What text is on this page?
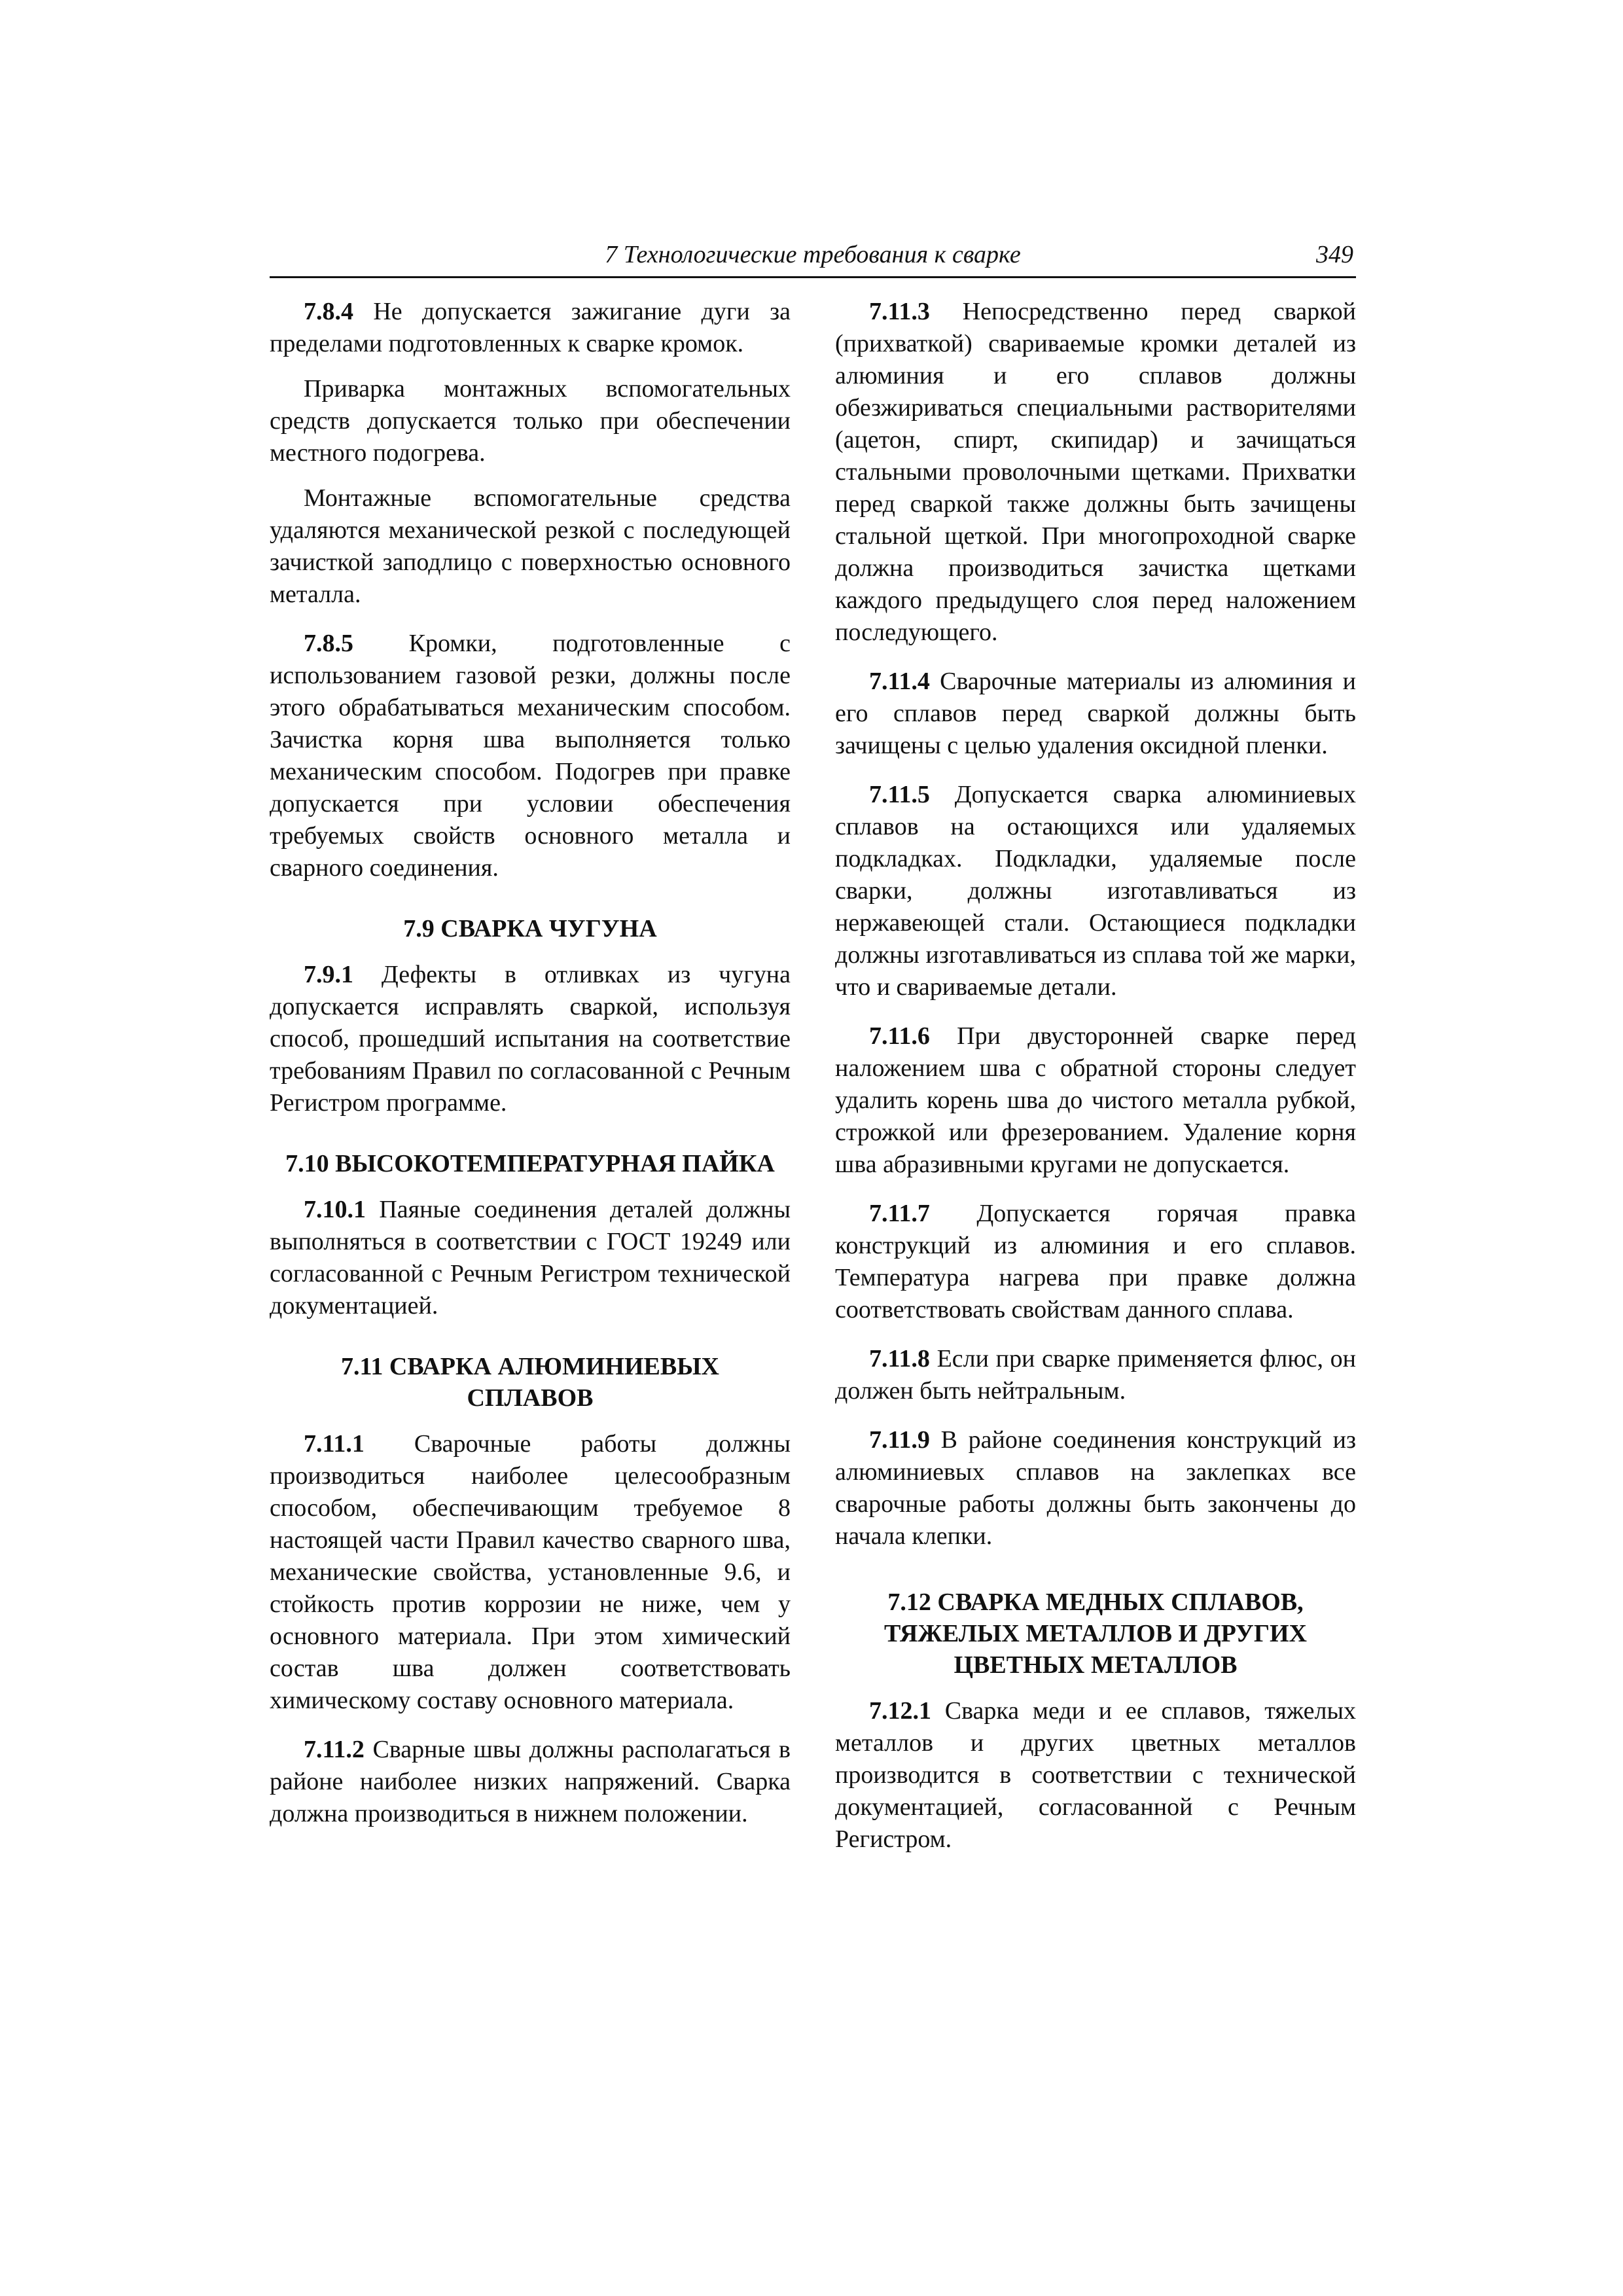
7 Технологические требования к сварке	349

7.8.4 Не допускается зажигание дуги за пределами подготовленных к сварке кромок.

Приварка монтажных вспомогательных средств допускается только при обеспечении местного подогрева.

Монтажные вспомогательные средства удаляются механической резкой с последующей зачисткой заподлицо с поверхностью основного металла.

7.8.5 Кромки, подготовленные с использованием газовой резки, должны после этого обрабатываться механическим способом. Зачистка корня шва выполняется только механическим способом. Подогрев при правке допускается при условии обеспечения требуемых свойств основного металла и сварного соединения.

7.9 СВАРКА ЧУГУНА

7.9.1 Дефекты в отливках из чугуна допускается исправлять сваркой, используя способ, прошедший испытания на соответствие требованиям Правил по согласованной с Речным Регистром программе.

7.10 ВЫСОКОТЕМПЕРАТУРНАЯ ПАЙКА

7.10.1 Паяные соединения деталей должны выполняться в соответствии с ГОСТ 19249 или согласованной с Речным Регистром технической документацией.

7.11 СВАРКА АЛЮМИНИЕВЫХ СПЛАВОВ

7.11.1 Сварочные работы должны производиться наиболее целесообразным способом, обеспечивающим требуемое 8 настоящей части Правил качество сварного шва, механические свойства, установленные 9.6, и стойкость против коррозии не ниже, чем у основного материала. При этом химический состав шва должен соответствовать химическому составу основного материала.

7.11.2 Сварные швы должны располагаться в районе наиболее низких напряжений. Сварка должна производиться в нижнем положении.

7.11.3 Непосредственно перед сваркой (прихваткой) свариваемые кромки деталей из алюминия и его сплавов должны обезжириваться специальными растворителями (ацетон, спирт, скипидар) и зачищаться стальными проволочными щетками. Прихватки перед сваркой также должны быть зачищены стальной щеткой. При многопроходной сварке должна производиться зачистка щетками каждого предыдущего слоя перед наложением последующего.

7.11.4 Сварочные материалы из алюминия и его сплавов перед сваркой должны быть зачищены с целью удаления оксидной пленки.

7.11.5 Допускается сварка алюминиевых сплавов на остающихся или удаляемых подкладках. Подкладки, удаляемые после сварки, должны изготавливаться из нержавеющей стали. Остающиеся подкладки должны изготавливаться из сплава той же марки, что и свариваемые детали.

7.11.6 При двусторонней сварке перед наложением шва с обратной стороны следует удалить корень шва до чистого металла рубкой, строжкой или фрезерованием. Удаление корня шва абразивными кругами не допускается.

7.11.7 Допускается горячая правка конструкций из алюминия и его сплавов. Температура нагрева при правке должна соответствовать свойствам данного сплава.

7.11.8 Если при сварке применяется флюс, он должен быть нейтральным.

7.11.9 В районе соединения конструкций из алюминиевых сплавов на заклепках все сварочные работы должны быть закончены до начала клепки.

7.12 СВАРКА МЕДНЫХ СПЛАВОВ, ТЯЖЕЛЫХ МЕТАЛЛОВ И ДРУГИХ ЦВЕТНЫХ МЕТАЛЛОВ

7.12.1 Сварка меди и ее сплавов, тяжелых металлов и других цветных металлов производится в соответствии с технической документацией, согласованной с Речным Регистром.
